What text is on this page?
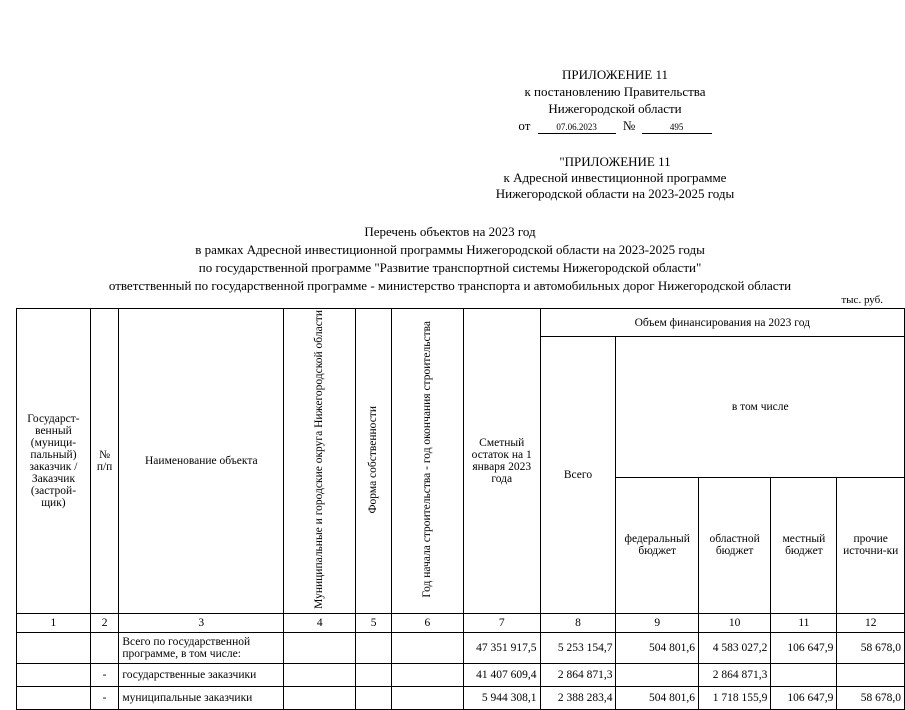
ПРИЛОЖЕНИЕ 11
к постановлению Правительства
Нижегородской области
от	07.06.2023 №	495
"ПРИЛОЖЕНИЕ 11
к Адресной инвестиционной программе
Нижегородской области на 2023-2025 годы
Перечень объектов на 2023 год
в рамках Адресной инвестиционной программы Нижегородской области на 2023-2025 годы
по государственной программе "Развитие транспортной системы Нижегородской области"
ответственный по государственной программе - министерство транспорта и автомобильных дорог Нижегородской области
тыс. руб.
Государст-венный (муници-пальный) заказчик / Заказчик (застрой-щик)	№ п/п	Наименование объекта	Муниципальные и городские округа Нижегородской области	Форма собственности	Год начала строительства - год окончания строительства	Сметный остаток на 1 января 2023 года	Объем финансирования на 2023 год				
							Всего	в том числе			
								федеральный бюджет	областной бюджет	местный бюджет	прочие источни-ки
1	2	3	4	5	6	7	8	9	10	11	12
		Всего по государственной программе, в том числе:				47 351 917,5	5 253 154,7	504 801,6	4 583 027,2	106 647,9	58 678,0
	-	государственные заказчики				41 407 609,4	2 864 871,3		2 864 871,3		
	-	муниципальные заказчики				5 944 308,1	2 388 283,4	504 801,6	1 718 155,9	106 647,9	58 678,0
